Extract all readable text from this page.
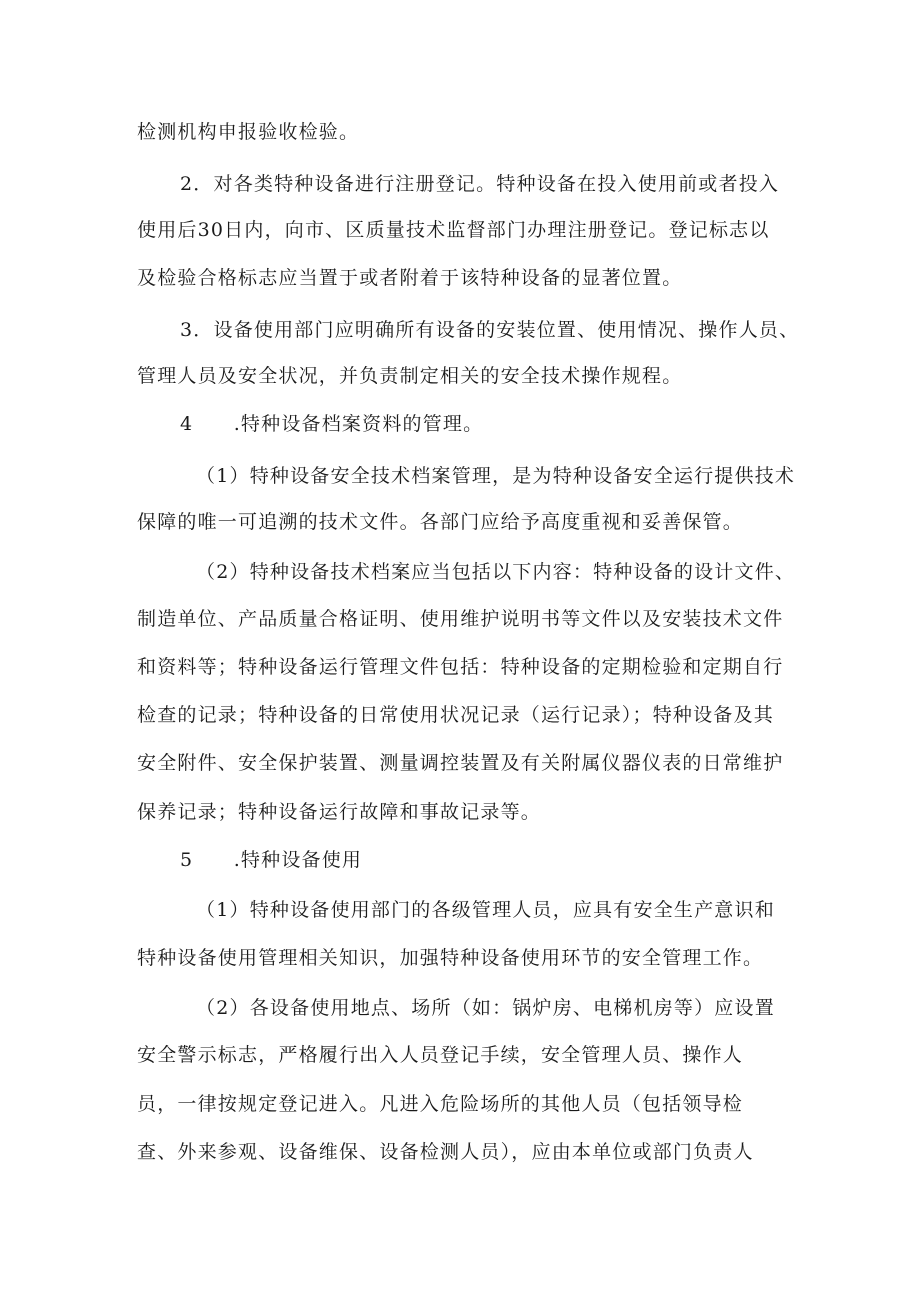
检测机构申报验收检验。
2．对各类特种设备进行注册登记。特种设备在投入使用前或者投入
使用后30日内，向市、区质量技术监督部门办理注册登记。登记标志以
及检验合格标志应当置于或者附着于该特种设备的显著位置。
3．设备使用部门应明确所有设备的安装位置、使用情况、操作人员、
管理人员及安全状况，并负责制定相关的安全技术操作规程。
4　　.特种设备档案资料的管理。
（1）特种设备安全技术档案管理，是为特种设备安全运行提供技术
保障的唯一可追溯的技术文件。各部门应给予高度重视和妥善保管。
（2）特种设备技术档案应当包括以下内容：特种设备的设计文件、
制造单位、产品质量合格证明、使用维护说明书等文件以及安装技术文件
和资料等；特种设备运行管理文件包括：特种设备的定期检验和定期自行
检查的记录；特种设备的日常使用状况记录（运行记录）；特种设备及其
安全附件、安全保护装置、测量调控装置及有关附属仪器仪表的日常维护
保养记录；特种设备运行故障和事故记录等。
5　　.特种设备使用
（1）特种设备使用部门的各级管理人员，应具有安全生产意识和
特种设备使用管理相关知识，加强特种设备使用环节的安全管理工作。
（2）各设备使用地点、场所（如：锅炉房、电梯机房等）应设置
安全警示标志，严格履行出入人员登记手续，安全管理人员、操作人
员，一律按规定登记进入。凡进入危险场所的其他人员（包括领导检
查、外来参观、设备维保、设备检测人员），应由本单位或部门负责人
